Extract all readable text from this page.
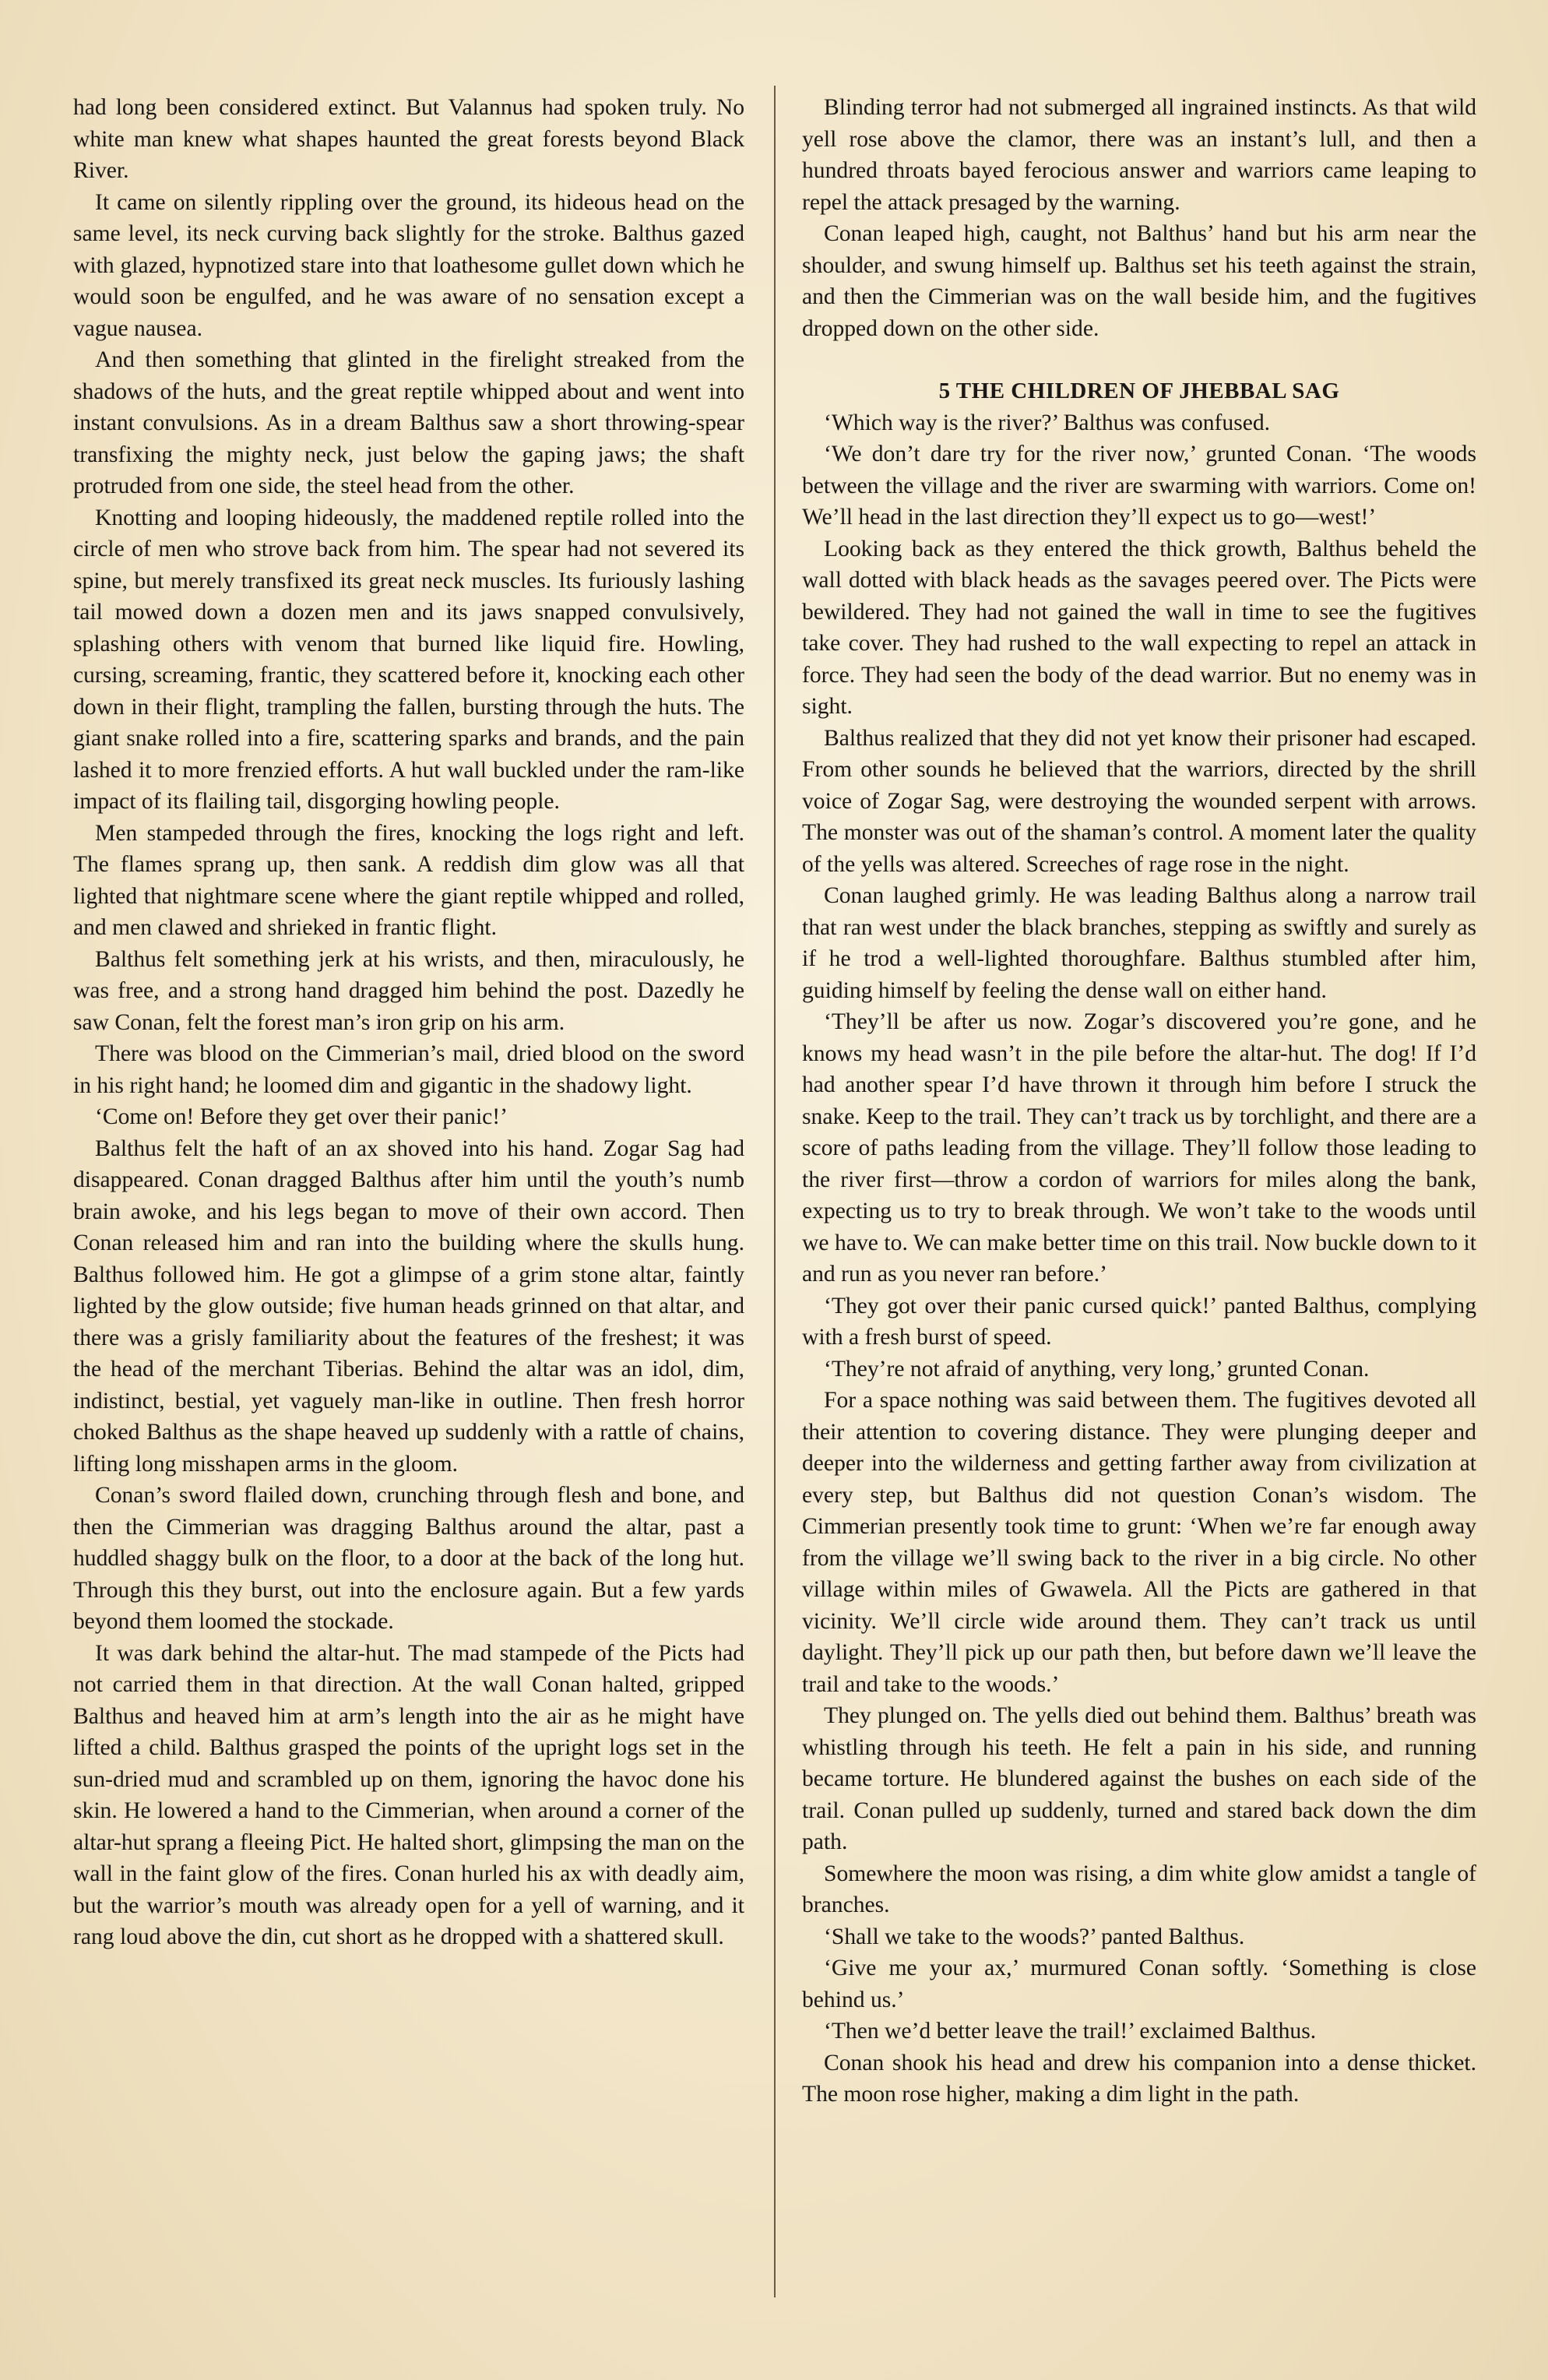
had long been considered extinct. But Valannus had spoken truly. No white man knew what shapes haunted the great forests beyond Black River.

It came on silently rippling over the ground, its hideous head on the same level, its neck curving back slightly for the stroke. Balthus gazed with glazed, hypnotized stare into that loathesome gullet down which he would soon be engulfed, and he was aware of no sensation except a vague nausea.

And then something that glinted in the firelight streaked from the shadows of the huts, and the great reptile whipped about and went into instant convulsions. As in a dream Balthus saw a short throwing-spear transfixing the mighty neck, just below the gaping jaws; the shaft protruded from one side, the steel head from the other.

Knotting and looping hideously, the maddened reptile rolled into the circle of men who strove back from him. The spear had not severed its spine, but merely transfixed its great neck muscles. Its furiously lashing tail mowed down a dozen men and its jaws snapped convulsively, splashing others with venom that burned like liquid fire. Howling, cursing, screaming, frantic, they scattered before it, knocking each other down in their flight, trampling the fallen, bursting through the huts. The giant snake rolled into a fire, scattering sparks and brands, and the pain lashed it to more frenzied efforts. A hut wall buckled under the ram-like impact of its flailing tail, disgorging howling people.

Men stampeded through the fires, knocking the logs right and left. The flames sprang up, then sank. A reddish dim glow was all that lighted that nightmare scene where the giant reptile whipped and rolled, and men clawed and shrieked in frantic flight.

Balthus felt something jerk at his wrists, and then, miraculously, he was free, and a strong hand dragged him behind the post. Dazedly he saw Conan, felt the forest man’s iron grip on his arm.

There was blood on the Cimmerian’s mail, dried blood on the sword in his right hand; he loomed dim and gigantic in the shadowy light.

‘Come on! Before they get over their panic!’

Balthus felt the haft of an ax shoved into his hand. Zogar Sag had disappeared. Conan dragged Balthus after him until the youth’s numb brain awoke, and his legs began to move of their own accord. Then Conan released him and ran into the building where the skulls hung. Balthus followed him. He got a glimpse of a grim stone altar, faintly lighted by the glow outside; five human heads grinned on that altar, and there was a grisly familiarity about the features of the freshest; it was the head of the merchant Tiberias. Behind the altar was an idol, dim, indistinct, bestial, yet vaguely man-like in outline. Then fresh horror choked Balthus as the shape heaved up suddenly with a rattle of chains, lifting long misshapen arms in the gloom.

Conan’s sword flailed down, crunching through flesh and bone, and then the Cimmerian was dragging Balthus around the altar, past a huddled shaggy bulk on the floor, to a door at the back of the long hut. Through this they burst, out into the enclosure again. But a few yards beyond them loomed the stockade.

It was dark behind the altar-hut. The mad stampede of the Picts had not carried them in that direction. At the wall Conan halted, gripped Balthus and heaved him at arm’s length into the air as he might have lifted a child. Balthus grasped the points of the upright logs set in the sun-dried mud and scrambled up on them, ignoring the havoc done his skin. He lowered a hand to the Cimmerian, when around a corner of the altar-hut sprang a fleeing Pict. He halted short, glimpsing the man on the wall in the faint glow of the fires. Conan hurled his ax with deadly aim, but the warrior’s mouth was already open for a yell of warning, and it rang loud above the din, cut short as he dropped with a shattered skull.

Blinding terror had not submerged all ingrained instincts. As that wild yell rose above the clamor, there was an instant’s lull, and then a hundred throats bayed ferocious answer and warriors came leaping to repel the attack presaged by the warning.

Conan leaped high, caught, not Balthus’ hand but his arm near the shoulder, and swung himself up. Balthus set his teeth against the strain, and then the Cimmerian was on the wall beside him, and the fugitives dropped down on the other side.

5 THE CHILDREN OF JHEBBAL SAG

‘Which way is the river?’ Balthus was confused.

‘We don’t dare try for the river now,’ grunted Conan. ‘The woods between the village and the river are swarming with warriors. Come on! We’ll head in the last direction they’ll expect us to go—west!’

Looking back as they entered the thick growth, Balthus beheld the wall dotted with black heads as the savages peered over. The Picts were bewildered. They had not gained the wall in time to see the fugitives take cover. They had rushed to the wall expecting to repel an attack in force. They had seen the body of the dead warrior. But no enemy was in sight.

Balthus realized that they did not yet know their prisoner had escaped. From other sounds he believed that the warriors, directed by the shrill voice of Zogar Sag, were destroying the wounded serpent with arrows. The monster was out of the shaman’s control. A moment later the quality of the yells was altered. Screeches of rage rose in the night.

Conan laughed grimly. He was leading Balthus along a narrow trail that ran west under the black branches, stepping as swiftly and surely as if he trod a well-lighted thoroughfare. Balthus stumbled after him, guiding himself by feeling the dense wall on either hand.

‘They’ll be after us now. Zogar’s discovered you’re gone, and he knows my head wasn’t in the pile before the altar-hut. The dog! If I’d had another spear I’d have thrown it through him before I struck the snake. Keep to the trail. They can’t track us by torchlight, and there are a score of paths leading from the village. They’ll follow those leading to the river first—throw a cordon of warriors for miles along the bank, expecting us to try to break through. We won’t take to the woods until we have to. We can make better time on this trail. Now buckle down to it and run as you never ran before.’

‘They got over their panic cursed quick!’ panted Balthus, complying with a fresh burst of speed.

‘They’re not afraid of anything, very long,’ grunted Conan.

For a space nothing was said between them. The fugitives devoted all their attention to covering distance. They were plunging deeper and deeper into the wilderness and getting farther away from civilization at every step, but Balthus did not question Conan’s wisdom. The Cimmerian presently took time to grunt: ‘When we’re far enough away from the village we’ll swing back to the river in a big circle. No other village within miles of Gwawela. All the Picts are gathered in that vicinity. We’ll circle wide around them. They can’t track us until daylight. They’ll pick up our path then, but before dawn we’ll leave the trail and take to the woods.’

They plunged on. The yells died out behind them. Balthus’ breath was whistling through his teeth. He felt a pain in his side, and running became torture. He blundered against the bushes on each side of the trail. Conan pulled up suddenly, turned and stared back down the dim path.

Somewhere the moon was rising, a dim white glow amidst a tangle of branches.

‘Shall we take to the woods?’ panted Balthus.

‘Give me your ax,’ murmured Conan softly. ‘Something is close behind us.’

‘Then we’d better leave the trail!’ exclaimed Balthus.

Conan shook his head and drew his companion into a dense thicket. The moon rose higher, making a dim light in the path.
